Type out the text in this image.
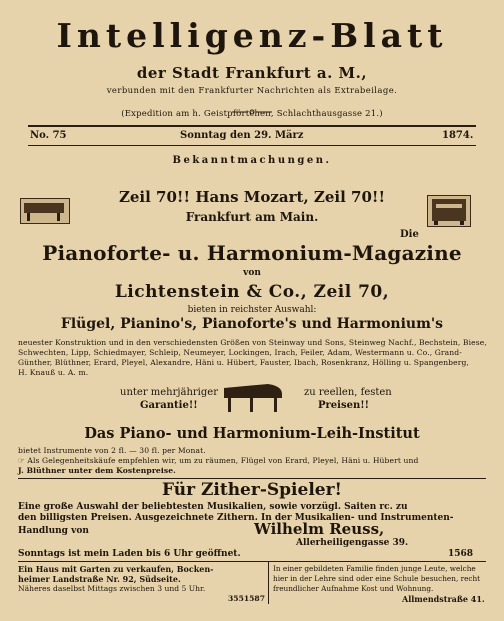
Intelligenz-Blatt
der Stadt Frankfurt a. M.,
verbunden mit den Frankfurter Nachrichten als Extrabeilage.
(Expedition am h. Geistpförtchen, Schlachthausgasse 21.)
No. 75	Sonntag den 29. März	1874.
Bekanntmachungen.
Zeil 70!! Hans Mozart, Zeil 70!!
Frankfurt am Main.
Die
Pianoforte- u. Harmonium-Magazine
von
Lichtenstein & Co., Zeil 70,
bieten in reichster Auswahl:
Flügel, Pianino's, Pianoforte's und Harmonium's
neuester Konstruktion und in den verschiedensten Größen von Steinway und Sons, Steinweg Nachf., Bechstein, Biese,
Schwechten, Lipp, Schiedmayer, Schleip, Neumeyer, Lockingen, Irach, Feiler, Adam, Westermann u. Co., Grand-
Günther, Blüthner, Erard, Pleyel, Alexandre, Häni u. Hübert, Fauster, Ibach, Rosenkranz, Hölling u. Spangenberg,
H. Knauß u. A. m.
unter mehrjähriger
Garantie!!
zu reellen, festen
Preisen!!
Das Piano- und Harmonium-Leih-Institut
bietet Instrumente von 2 fl. — 30 fl. per Monat.
☞ Als Gelegenheitskäufe empfehlen wir, um zu räumen, Flügel von Erard, Pleyel, Häni u. Hübert und
J. Blüthner unter dem Kostenpreise.
Für Zither-Spieler!
Eine große Auswahl der beliebtesten Musikalien, sowie vorzügl. Saiten rc. zu
den billigsten Preisen. Ausgezeichnete Zithern. In der Musikalien- und Instrumenten-
Handlung von	Wilhelm Reuss,
Allerheiligengasse 39.
Sonntags ist mein Laden bis 6 Uhr geöffnet.	1568
Ein Haus mit Garten zu verkaufen, Bocken-
heimer Landstraße Nr. 92, Südseite.
Näheres daselbst Mittags zwischen 3 und 5 Uhr.
3551587
In einer gebildeten Familie finden junge Leute, welche
hier in der Lehre sind oder eine Schule besuchen, recht
freundlicher Aufnahme Kost und Wohnung.
Allmendstraße 41.
